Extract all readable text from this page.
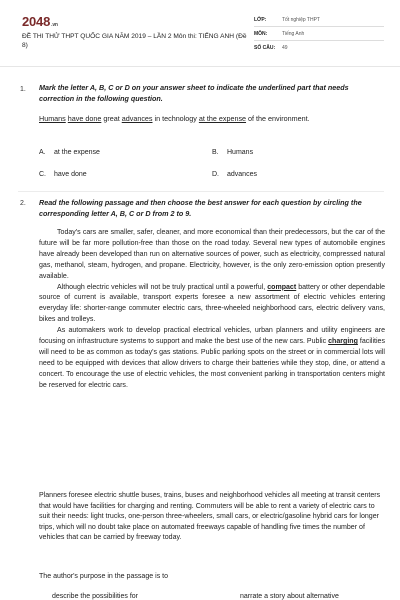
2048.vn
ĐỀ THI THỬ THPT QUỐC GIA NĂM 2019 – LẦN 2 Môn thi: TIẾNG ANH (Đề 8)
LỚP:	Tốt nghiệp THPT
MÔN:	Tiếng Anh
SỐ CÂU: 49
1. Mark the letter A, B, C or D on your answer sheet to indicate the underlined part that needs correction in the following question.
Humans have done great advances in technology at the expense of the environment.
A. at the expense	B. Humans
C. have done	D. advances
2. Read the following passage and then choose the best answer for each question by circling the corresponding letter A, B, C or D from 2 to 9.

Today's cars are smaller, safer, cleaner, and more economical than their predecessors, but the car of the future will be far more pollution-free than those on the road today. Several new types of automobile engines have already been developed than run on alternative sources of power, such as electricity, compressed natural gas, methanol, steam, hydrogen, and propane. Electricity, however, is the only zero-emission option presently available.

Although electric vehicles will not be truly practical until a powerful, compact battery or other dependable source of current is available, transport experts foresee a new assortment of electric vehicles entering everyday life: shorter-range commuter electric cars, three-wheeled neighborhood cars, electric delivery vans, bikes and trolleys.

As automakers work to develop practical electrical vehicles, urban planners and utility engineers are focusing on infrastructure systems to support and make the best use of the new cars. Public charging facilities will need to be as common as today's gas stations. Public parking spots on the street or in commercial lots will need to be equipped with devices that allow drivers to charge their batteries while they stop, dine, or attend a concert. To encourage the use of electric vehicles, the most convenient parking in transportation centers might be reserved for electric cars.

Planners foresee electric shuttle buses, trains, buses and neighborhood vehicles all meeting at transit centers that would have facilities for charging and renting. Commuters will be able to rent a variety of electric cars to suit their needs: light trucks, one-person three-wheelers, small cars, or electric/gasoline hybrid cars for longer trips, which will no doubt take place on automated freeways capable of handling five times the number of vehicles that can be carried by freeway today.
The author's purpose in the passage is to
describe the possibilities for	narrate a story about alternative
